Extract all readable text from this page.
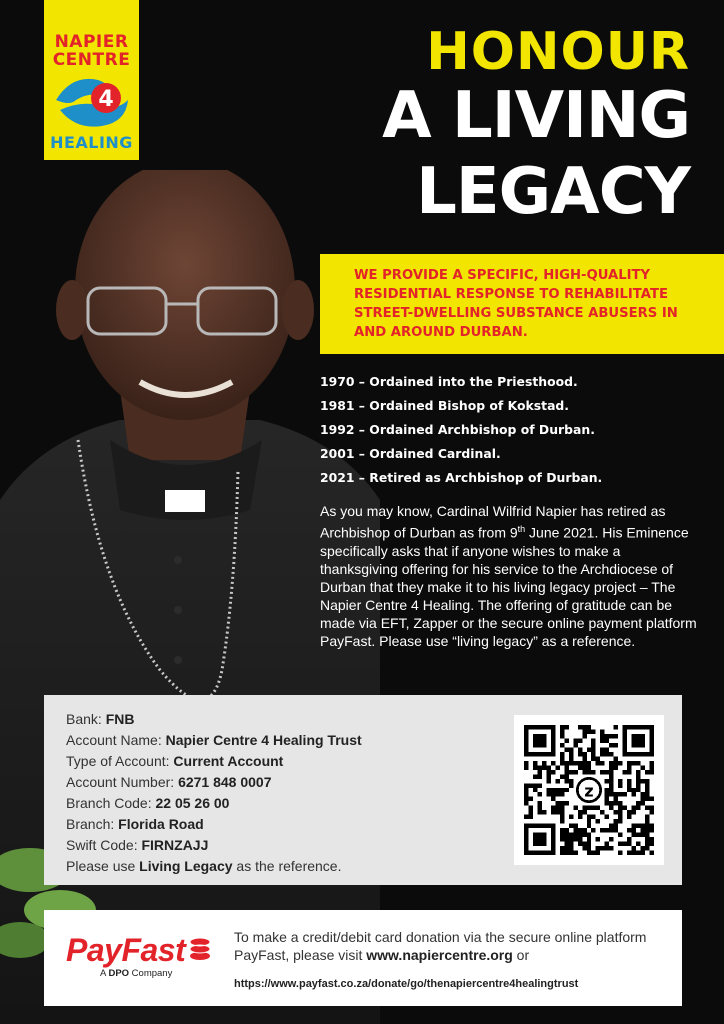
NAPIER
CENTRE
4
HEALING
HONOUR
A LIVING
LEGACY
WE PROVIDE A SPECIFIC, HIGH-QUALITY RESIDENTIAL RESPONSE TO REHABILITATE STREET-DWELLING SUBSTANCE ABUSERS IN AND AROUND DURBAN.
1970 – Ordained into the Priesthood.
1981 – Ordained Bishop of Kokstad.
1992 – Ordained Archbishop of Durban.
2001 – Ordained Cardinal.
2021 – Retired as Archbishop of Durban.
As you may know, Cardinal Wilfrid Napier has retired as Archbishop of Durban as from 9th June 2021. His Eminence specifically asks that if anyone wishes to make a thanksgiving offering for his service to the Archdiocese of Durban that they make it to his living legacy project – The Napier Centre 4 Healing. The offering of gratitude can be made via EFT, Zapper or the secure online payment platform PayFast. Please use “living legacy” as a reference.
Bank: FNB
Account Name: Napier Centre 4 Healing Trust
Type of Account: Current Account
Account Number: 6271 848 0007
Branch Code: 22 05 26 00
Branch: Florida Road
Swift Code: FIRNZAJJ
Please use Living Legacy as the reference.
z
PayFast
A DPO Company
To make a credit/debit card donation via the secure online platform PayFast, please visit www.napiercentre.org or
https://www.payfast.co.za/donate/go/thenapiercentre4healingtrust
